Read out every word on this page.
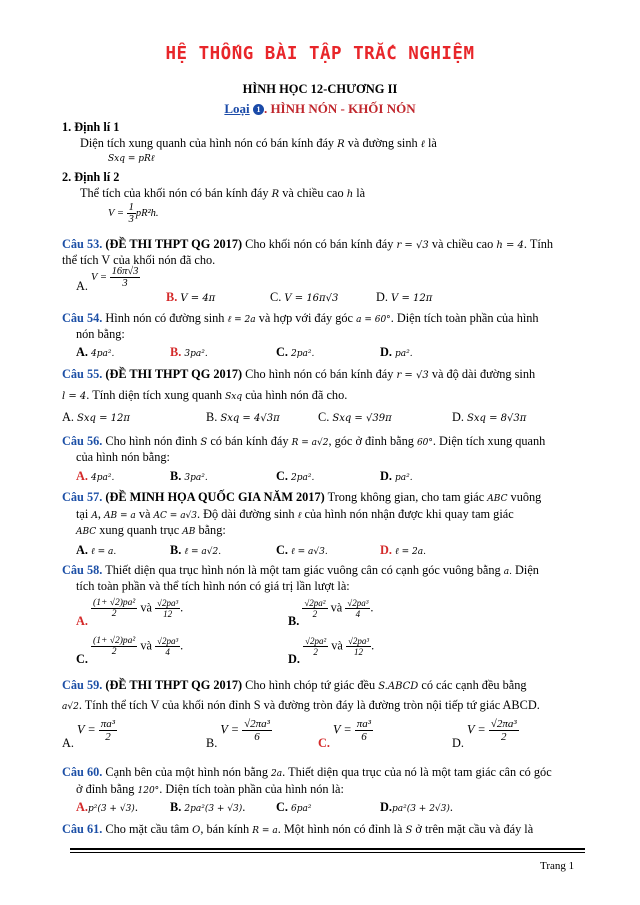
HỆ THỐNG BÀI TẬP TRẮC NGHIỆM
HÌNH HỌC 12-CHƯƠNG II
Loại 1 . HÌNH NÓN - KHỐI NÓN
1. Định lí 1
Diện tích xung quanh của hình nón có bán kính đáy R và đường sinh ℓ là
Sxq = pRℓ
2. Định lí 2
Thể tích của khối nón có bán kính đáy R và chiều cao h là
$V = \frac{1}{3} pR^2h$.
Câu 53. (ĐỀ THI THPT QG 2017) Cho khối nón có bán kính đáy r = √3 và chiều cao h = 4. Tính
thể tích V của khối nón đã cho.
A. $V = \frac{16\pi√3}{3}$
B. V = 4π	C. V = 16π√3	D. V = 12π
Câu 54. Hình nón có đường sinh ℓ = 2a và hợp với đáy góc a = 60°. Diện tích toàn phần của hình
nón bằng:
A. 4pa².	B. 3pa².	C. 2pa².	D. pa².
Câu 55. (ĐỀ THI THPT QG 2017) Cho hình nón có bán kính đáy r = √3 và độ dài đường sinh
l = 4. Tính diện tích xung quanh Sxq của hình nón đã cho.
A. Sxq = 12π	B. Sxq = 4√3π	C. Sxq = √39π	D. Sxq = 8√3π
Câu 56. Cho hình nón đỉnh S có bán kính đáy R = a√2, góc ở đỉnh bằng 60°. Diện tích xung quanh
của hình nón bằng:
A. 4pa².	B. 3pa².	C. 2pa².	D. pa².
Câu 57. (ĐỀ MINH HỌA QUỐC GIA NĂM 2017) Trong không gian, cho tam giác ABC vuông
tại A, AB = a và AC = a√3. Độ dài đường sinh ℓ của hình nón nhận được khi quay tam giác
ABC xung quanh trục AB bằng:
A. ℓ = a.	B. ℓ = a√2.	C. ℓ = a√3.	D. ℓ = 2a.
Câu 58. Thiết diện qua trục hình nón là một tam giác vuông cân có cạnh góc vuông bằng a. Diện
tích toàn phần và thể tích hình nón có giá trị lần lượt là:
A.
$\frac{\text{(1+ √2)pa²}}{2}$ và $\frac{\text{√2pa³}}{12}$ .
B.
$\frac{\text{√2pa²}}{2}$ và $\frac{\text{√2pa³}}{4}$ .
C.
$\frac{\text{(1+ √2)pa²}}{2}$ và $\frac{\text{√2pa³}}{4}$ .
D.
$\frac{\text{√2pa²}}{2}$ và $\frac{\text{√2pa³}}{12}$ .
Câu 59. (ĐỀ THI THPT QG 2017) Cho hình chóp tứ giác đều S.ABCD có các cạnh đều bằng
a√2. Tính thể tích V của khối nón đỉnh S và đường tròn đáy là đường tròn nội tiếp tứ giác ABCD.
A. $V = \frac{\text{πa³}}{2}$
B. $V = \frac{\text{√2πa³}}{6}$
C. $V = \frac{\text{πa³}}{6}$
D. $V = \frac{\text{√2πa³}}{2}$
Câu 60. Cạnh bên của một hình nón bằng 2a. Thiết diện qua trục của nó là một tam giác cân có góc
ở đỉnh bằng 120°. Diện tích toàn phần của hình nón là:
A.p²(3 + √3).	B. 2pa²(3 + √3). C. 6pa²	D.pa²(3 + 2√3).
Câu 61. Cho mặt cầu tâm O, bán kính R = a. Một hình nón có đỉnh là S ở trên mặt cầu và đáy là
Trang 1
